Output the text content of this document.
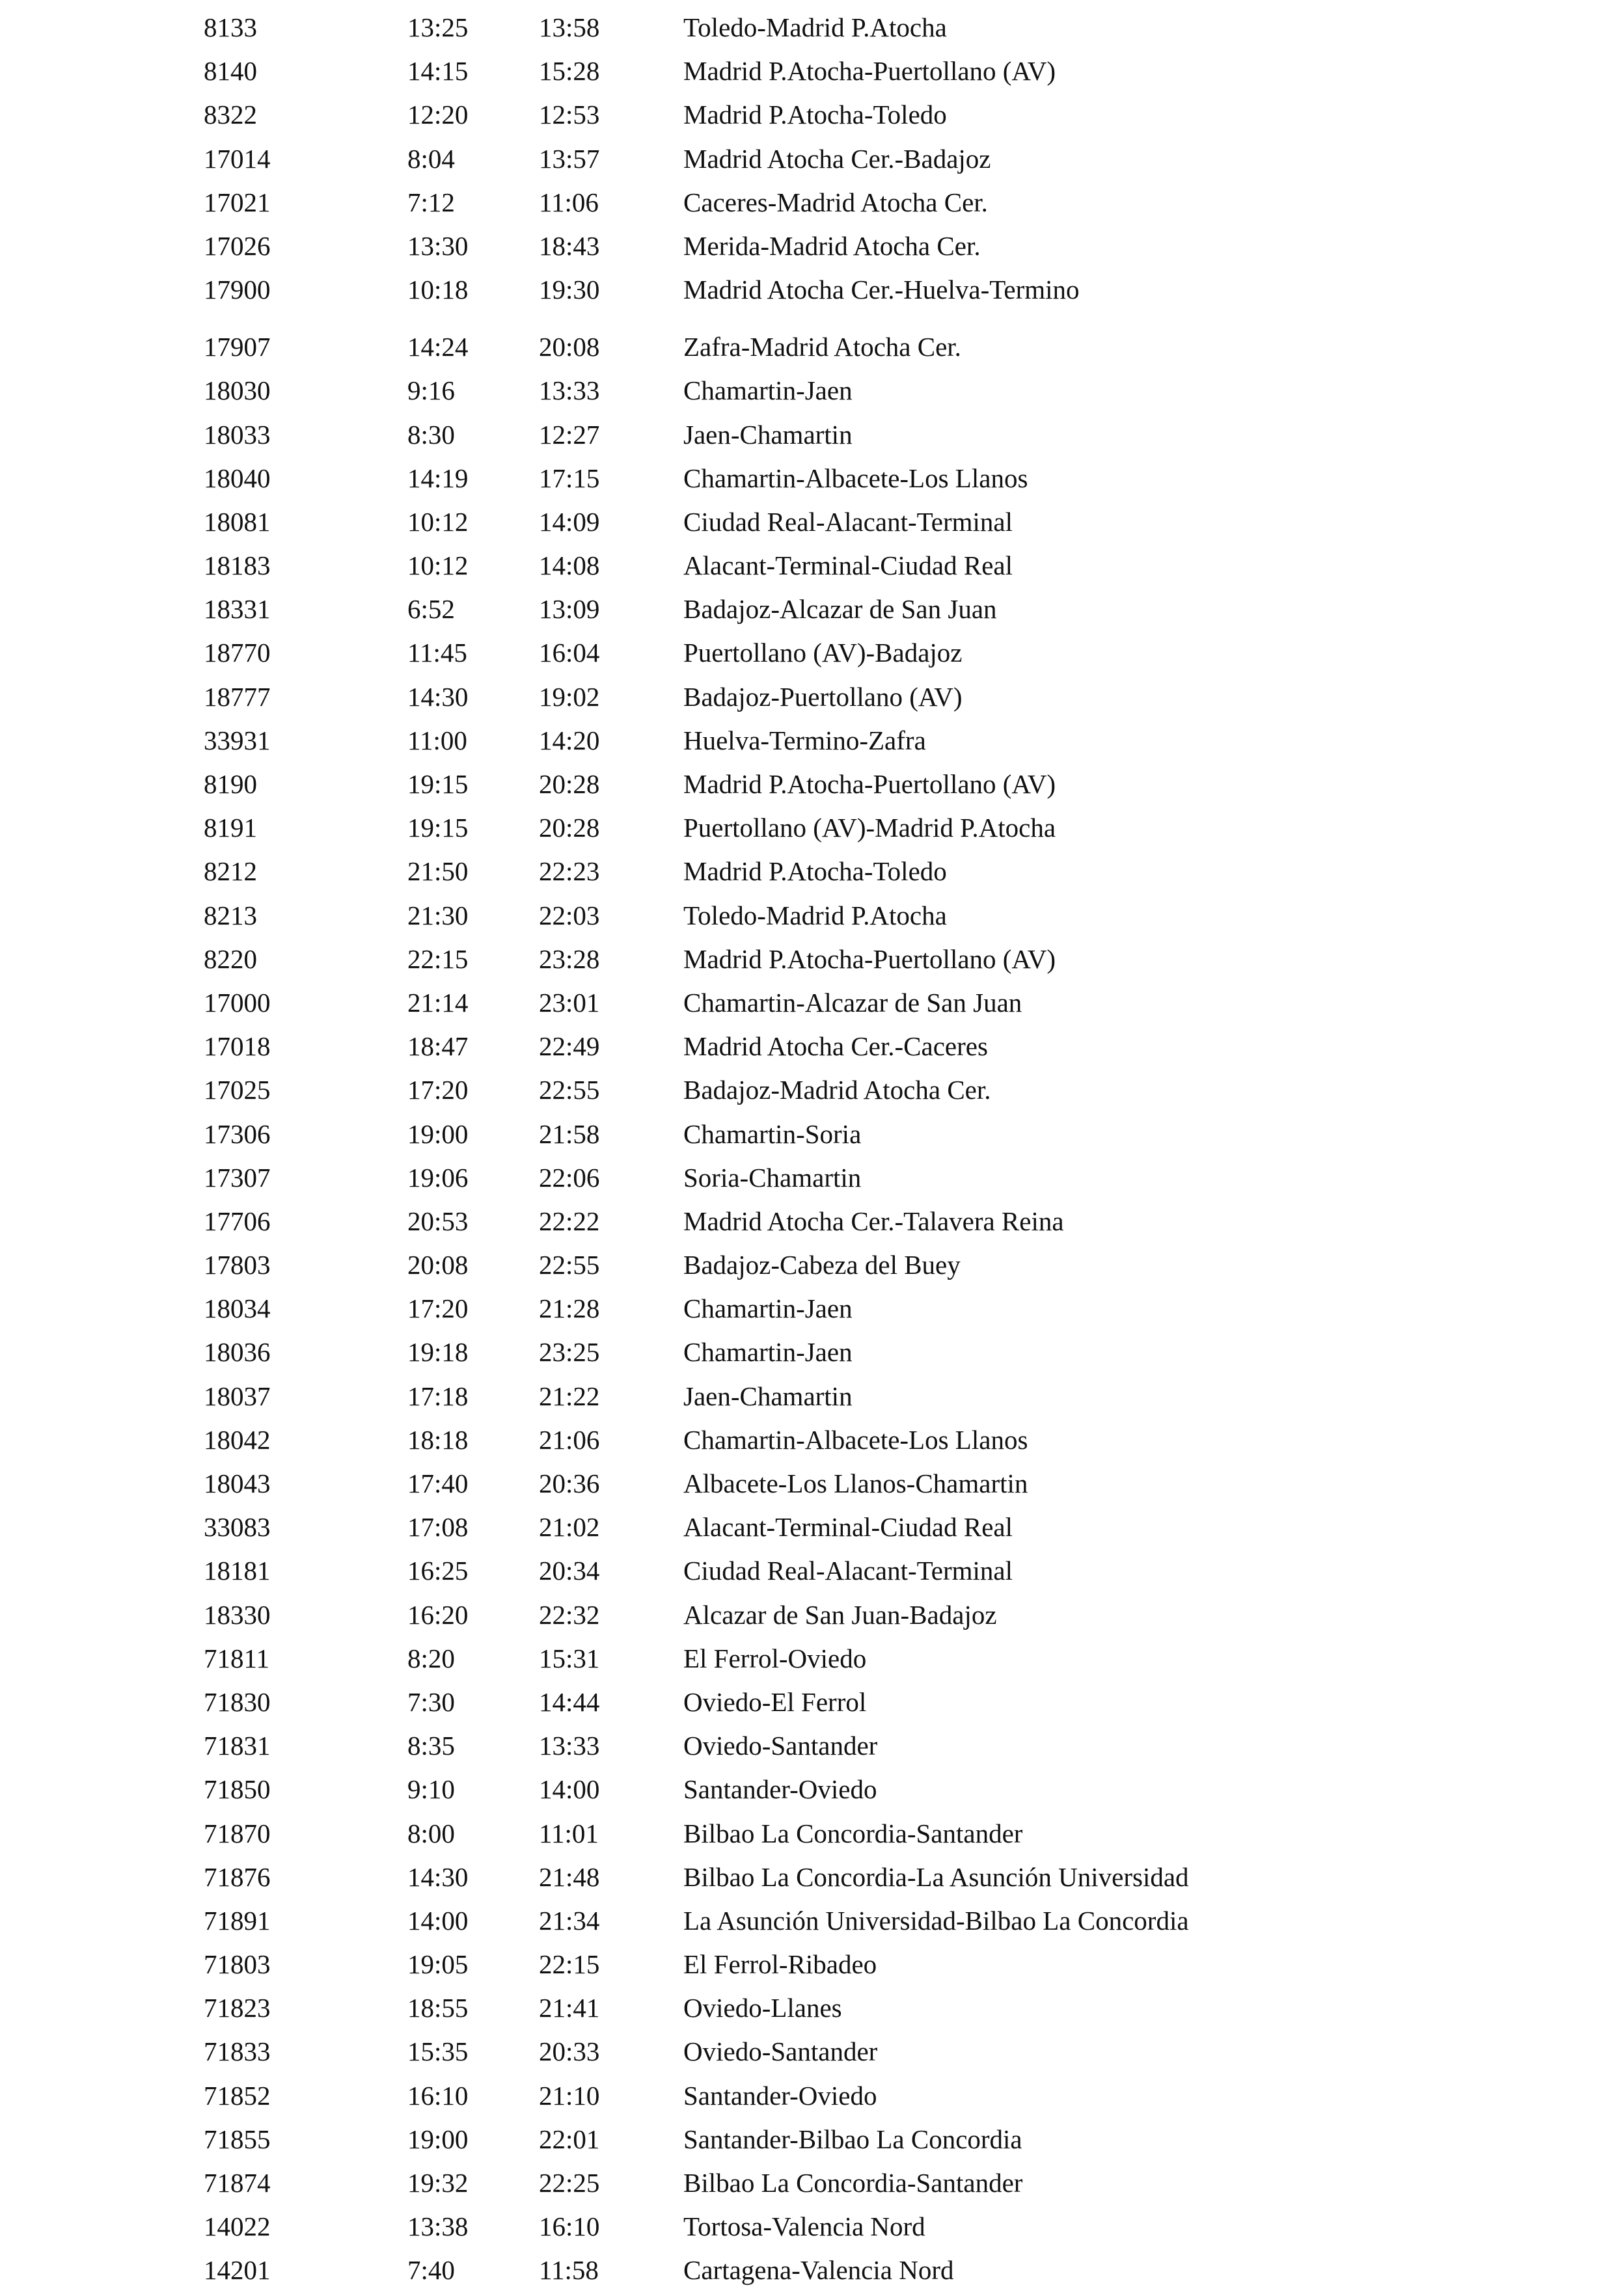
8133	13:25	13:58	Toledo-Madrid P.Atocha
8140	14:15	15:28	Madrid P.Atocha-Puertollano (AV)
8322	12:20	12:53	Madrid P.Atocha-Toledo
17014	8:04	13:57	Madrid Atocha Cer.-Badajoz
17021	7:12	11:06	Caceres-Madrid Atocha Cer.
17026	13:30	18:43	Merida-Madrid Atocha Cer.
17900	10:18	19:30	Madrid Atocha Cer.-Huelva-Termino
17907	14:24	20:08	Zafra-Madrid Atocha Cer.
18030	9:16	13:33	Chamartin-Jaen
18033	8:30	12:27	Jaen-Chamartin
18040	14:19	17:15	Chamartin-Albacete-Los Llanos
18081	10:12	14:09	Ciudad Real-Alacant-Terminal
18183	10:12	14:08	Alacant-Terminal-Ciudad Real
18331	6:52	13:09	Badajoz-Alcazar de San Juan
18770	11:45	16:04	Puertollano (AV)-Badajoz
18777	14:30	19:02	Badajoz-Puertollano (AV)
33931	11:00	14:20	Huelva-Termino-Zafra
8190	19:15	20:28	Madrid P.Atocha-Puertollano (AV)
8191	19:15	20:28	Puertollano (AV)-Madrid P.Atocha
8212	21:50	22:23	Madrid P.Atocha-Toledo
8213	21:30	22:03	Toledo-Madrid P.Atocha
8220	22:15	23:28	Madrid P.Atocha-Puertollano (AV)
17000	21:14	23:01	Chamartin-Alcazar de San Juan
17018	18:47	22:49	Madrid Atocha Cer.-Caceres
17025	17:20	22:55	Badajoz-Madrid Atocha Cer.
17306	19:00	21:58	Chamartin-Soria
17307	19:06	22:06	Soria-Chamartin
17706	20:53	22:22	Madrid Atocha Cer.-Talavera Reina
17803	20:08	22:55	Badajoz-Cabeza del Buey
18034	17:20	21:28	Chamartin-Jaen
18036	19:18	23:25	Chamartin-Jaen
18037	17:18	21:22	Jaen-Chamartin
18042	18:18	21:06	Chamartin-Albacete-Los Llanos
18043	17:40	20:36	Albacete-Los Llanos-Chamartin
33083	17:08	21:02	Alacant-Terminal-Ciudad Real
18181	16:25	20:34	Ciudad Real-Alacant-Terminal
18330	16:20	22:32	Alcazar de San Juan-Badajoz
71811	8:20	15:31	El Ferrol-Oviedo
71830	7:30	14:44	Oviedo-El Ferrol
71831	8:35	13:33	Oviedo-Santander
71850	9:10	14:00	Santander-Oviedo
71870	8:00	11:01	Bilbao La Concordia-Santander
71876	14:30	21:48	Bilbao La Concordia-La Asunción Universidad
71891	14:00	21:34	La Asunción Universidad-Bilbao La Concordia
71803	19:05	22:15	El Ferrol-Ribadeo
71823	18:55	21:41	Oviedo-Llanes
71833	15:35	20:33	Oviedo-Santander
71852	16:10	21:10	Santander-Oviedo
71855	19:00	22:01	Santander-Bilbao La Concordia
71874	19:32	22:25	Bilbao La Concordia-Santander
14022	13:38	16:10	Tortosa-Valencia Nord
14201	7:40	11:58	Cartagena-Valencia Nord
